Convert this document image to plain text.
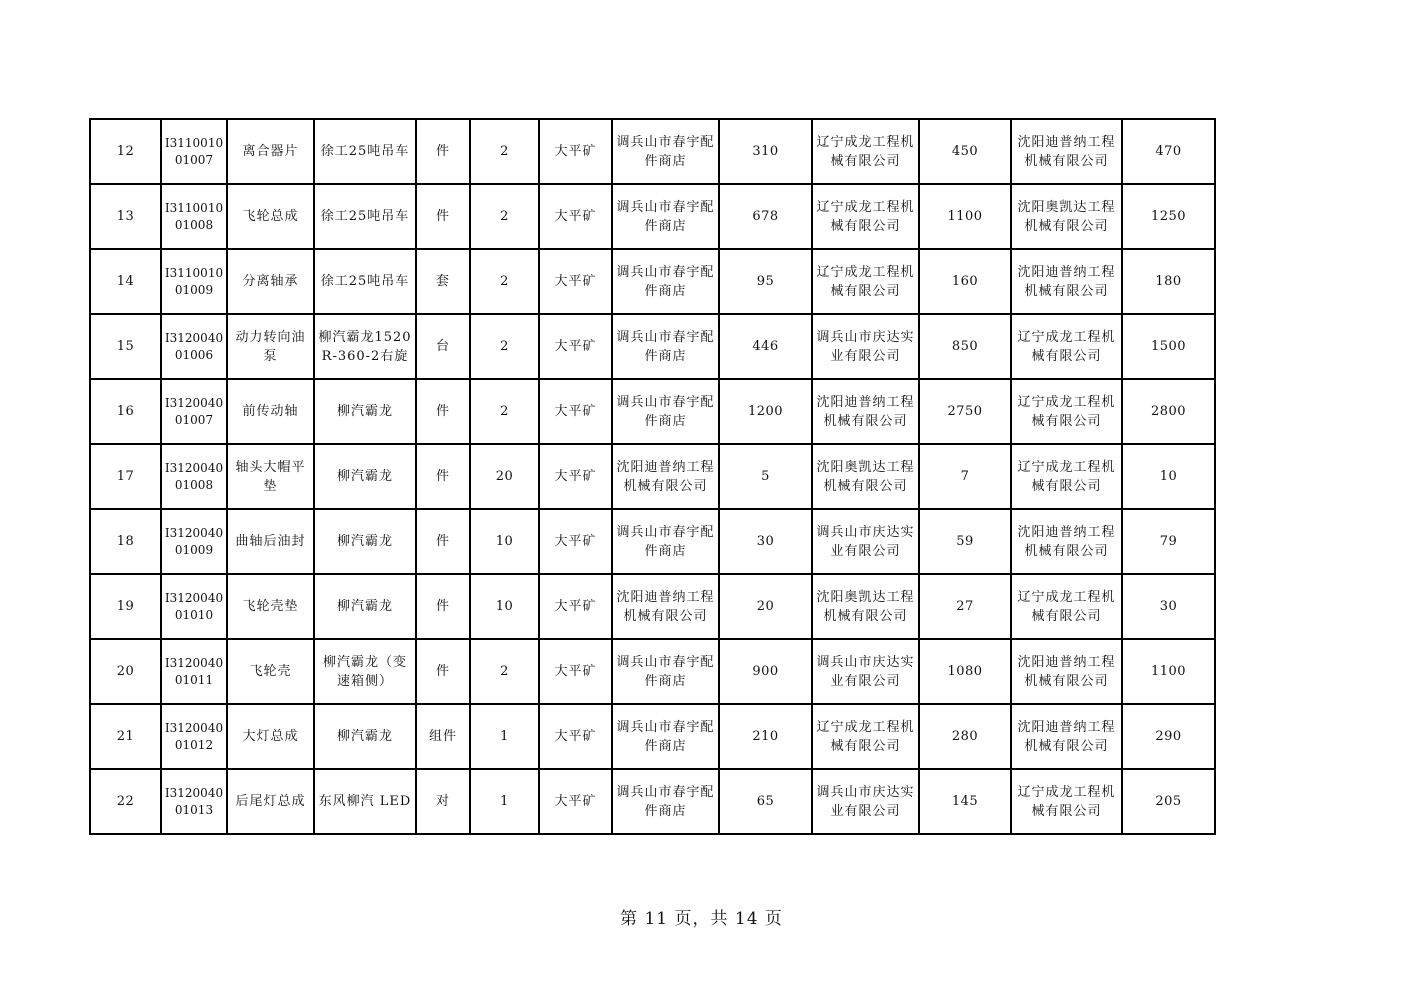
12	I311001001007	离合器片	徐工25吨吊车	件	2	大平矿	调兵山市春宇配件商店	310	辽宁成龙工程机械有限公司	450	沈阳迪普纳工程机械有限公司	470
13	I311001001008	飞轮总成	徐工25吨吊车	件	2	大平矿	调兵山市春宇配件商店	678	辽宁成龙工程机械有限公司	1100	沈阳奥凯达工程机械有限公司	1250
14	I311001001009	分离轴承	徐工25吨吊车	套	2	大平矿	调兵山市春宇配件商店	95	辽宁成龙工程机械有限公司	160	沈阳迪普纳工程机械有限公司	180
15	I312004001006	动力转向油泵	柳汽霸龙1520R-360-2右旋	台	2	大平矿	调兵山市春宇配件商店	446	调兵山市庆达实业有限公司	850	辽宁成龙工程机械有限公司	1500
16	I312004001007	前传动轴	柳汽霸龙	件	2	大平矿	调兵山市春宇配件商店	1200	沈阳迪普纳工程机械有限公司	2750	辽宁成龙工程机械有限公司	2800
17	I312004001008	轴头大帽平垫	柳汽霸龙	件	20	大平矿	沈阳迪普纳工程机械有限公司	5	沈阳奥凯达工程机械有限公司	7	辽宁成龙工程机械有限公司	10
18	I312004001009	曲轴后油封	柳汽霸龙	件	10	大平矿	调兵山市春宇配件商店	30	调兵山市庆达实业有限公司	59	沈阳迪普纳工程机械有限公司	79
19	I312004001010	飞轮壳垫	柳汽霸龙	件	10	大平矿	沈阳迪普纳工程机械有限公司	20	沈阳奥凯达工程机械有限公司	27	辽宁成龙工程机械有限公司	30
20	I312004001011	飞轮壳	柳汽霸龙（变速箱侧）	件	2	大平矿	调兵山市春宇配件商店	900	调兵山市庆达实业有限公司	1080	沈阳迪普纳工程机械有限公司	1100
21	I312004001012	大灯总成	柳汽霸龙	组件	1	大平矿	调兵山市春宇配件商店	210	辽宁成龙工程机械有限公司	280	沈阳迪普纳工程机械有限公司	290
22	I312004001013	后尾灯总成	东风柳汽 LED	对	1	大平矿	调兵山市春宇配件商店	65	调兵山市庆达实业有限公司	145	辽宁成龙工程机械有限公司	205
第 11 页，共 14 页
